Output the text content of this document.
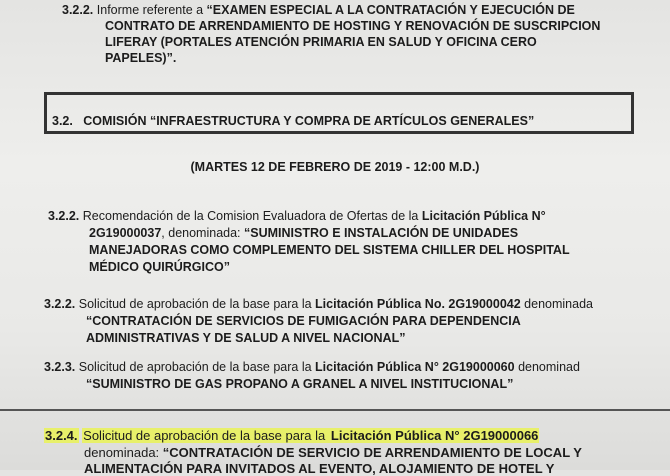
3.2.2. Informe referente a “EXAMEN ESPECIAL A LA CONTRATACIÓN Y EJECUCIÓN DE
CONTRATO DE ARRENDAMIENTO DE HOSTING Y RENOVACIÓN DE SUSCRIPCION
LIFERAY (PORTALES ATENCIÓN PRIMARIA EN SALUD Y OFICINA CERO
PAPELES)”.
3.2. COMISIÓN “INFRAESTRUCTURA Y COMPRA DE ARTÍCULOS GENERALES”
(MARTES 12 DE FEBRERO DE 2019 - 12:00 M.D.)
3.2.2. Recomendación de la Comision Evaluadora de Ofertas de la Licitación Pública N°
2G19000037, denominada: “SUMINISTRO E INSTALACIÓN DE UNIDADES
MANEJADORAS COMO COMPLEMENTO DEL SISTEMA CHILLER DEL HOSPITAL
MÉDICO QUIRÚRGICO”
3.2.2. Solicitud de aprobación de la base para la Licitación Pública No. 2G19000042 denominada
“CONTRATACIÓN DE SERVICIOS DE FUMIGACIÓN PARA DEPENDENCIA
ADMINISTRATIVAS Y DE SALUD A NIVEL NACIONAL”
3.2.3. Solicitud de aprobación de la base para la Licitación Pública N° 2G19000060 denominad
“SUMINISTRO DE GAS PROPANO A GRANEL A NIVEL INSTITUCIONAL”
3.2.4. Solicitud de aprobación de la base para la Licitación Pública N° 2G19000066
denominada: “CONTRATACIÓN DE SERVICIO DE ARRENDAMIENTO DE LOCAL Y
ALIMENTACIÓN PARA INVITADOS AL EVENTO, ALOJAMIENTO DE HOTEL Y
